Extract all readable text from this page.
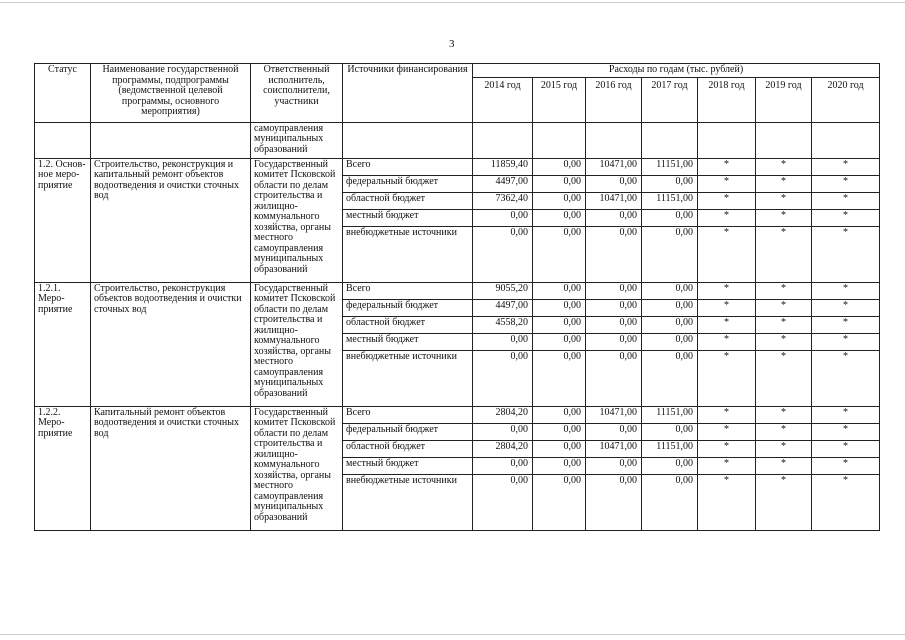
3
Статус	Наименование государственной программы, подпрограммы (ведомственной целевой программы, основного мероприятия)	Ответственный исполнитель, соисполнители, участники	Источники финансирования	Расходы по годам (тыс. рублей)						
				2014 год	2015 год	2016 год	2017 год	2018 год	2019 год	2020 год
		самоуправления муниципальных образований								
1.2. Основ-ное меро-приятие	Строительство, реконструкция и капитальный ремонт объектов водоотведения и очистки сточных вод	Государственный комитет Псковской области по делам строительства и жилищно-коммунального хозяйства, органы местного самоуправления муниципальных образований	Всего	11859,40	0,00	10471,00	11151,00	*	*	*
			федеральный бюджет	4497,00	0,00	0,00	0,00	*	*	*
			областной бюджет	7362,40	0,00	10471,00	11151,00	*	*	*
			местный бюджет	0,00	0,00	0,00	0,00	*	*	*
			внебюджетные источники	0,00	0,00	0,00	0,00	*	*	*
1.2.1. Меро-приятие	Строительство, реконструкция объектов водоотведения и очистки сточных вод	Государственный комитет Псковской области по делам строительства и жилищно-коммунального хозяйства, органы местного самоуправления муниципальных образований	Всего	9055,20	0,00	0,00	0,00	*	*	*
			федеральный бюджет	4497,00	0,00	0,00	0,00	*	*	*
			областной бюджет	4558,20	0,00	0,00	0,00	*	*	*
			местный бюджет	0,00	0,00	0,00	0,00	*	*	*
			внебюджетные источники	0,00	0,00	0,00	0,00	*	*	*
1.2.2. Меро-приятие	Капитальный ремонт объектов водоотведения и очистки сточных вод	Государственный комитет Псковской области по делам строительства и жилищно-коммунального хозяйства, органы местного самоуправления муниципальных образований	Всего	2804,20	0,00	10471,00	11151,00	*	*	*
			федеральный бюджет	0,00	0,00	0,00	0,00	*	*	*
			областной бюджет	2804,20	0,00	10471,00	11151,00	*	*	*
			местный бюджет	0,00	0,00	0,00	0,00	*	*	*
			внебюджетные источники	0,00	0,00	0,00	0,00	*	*	*
